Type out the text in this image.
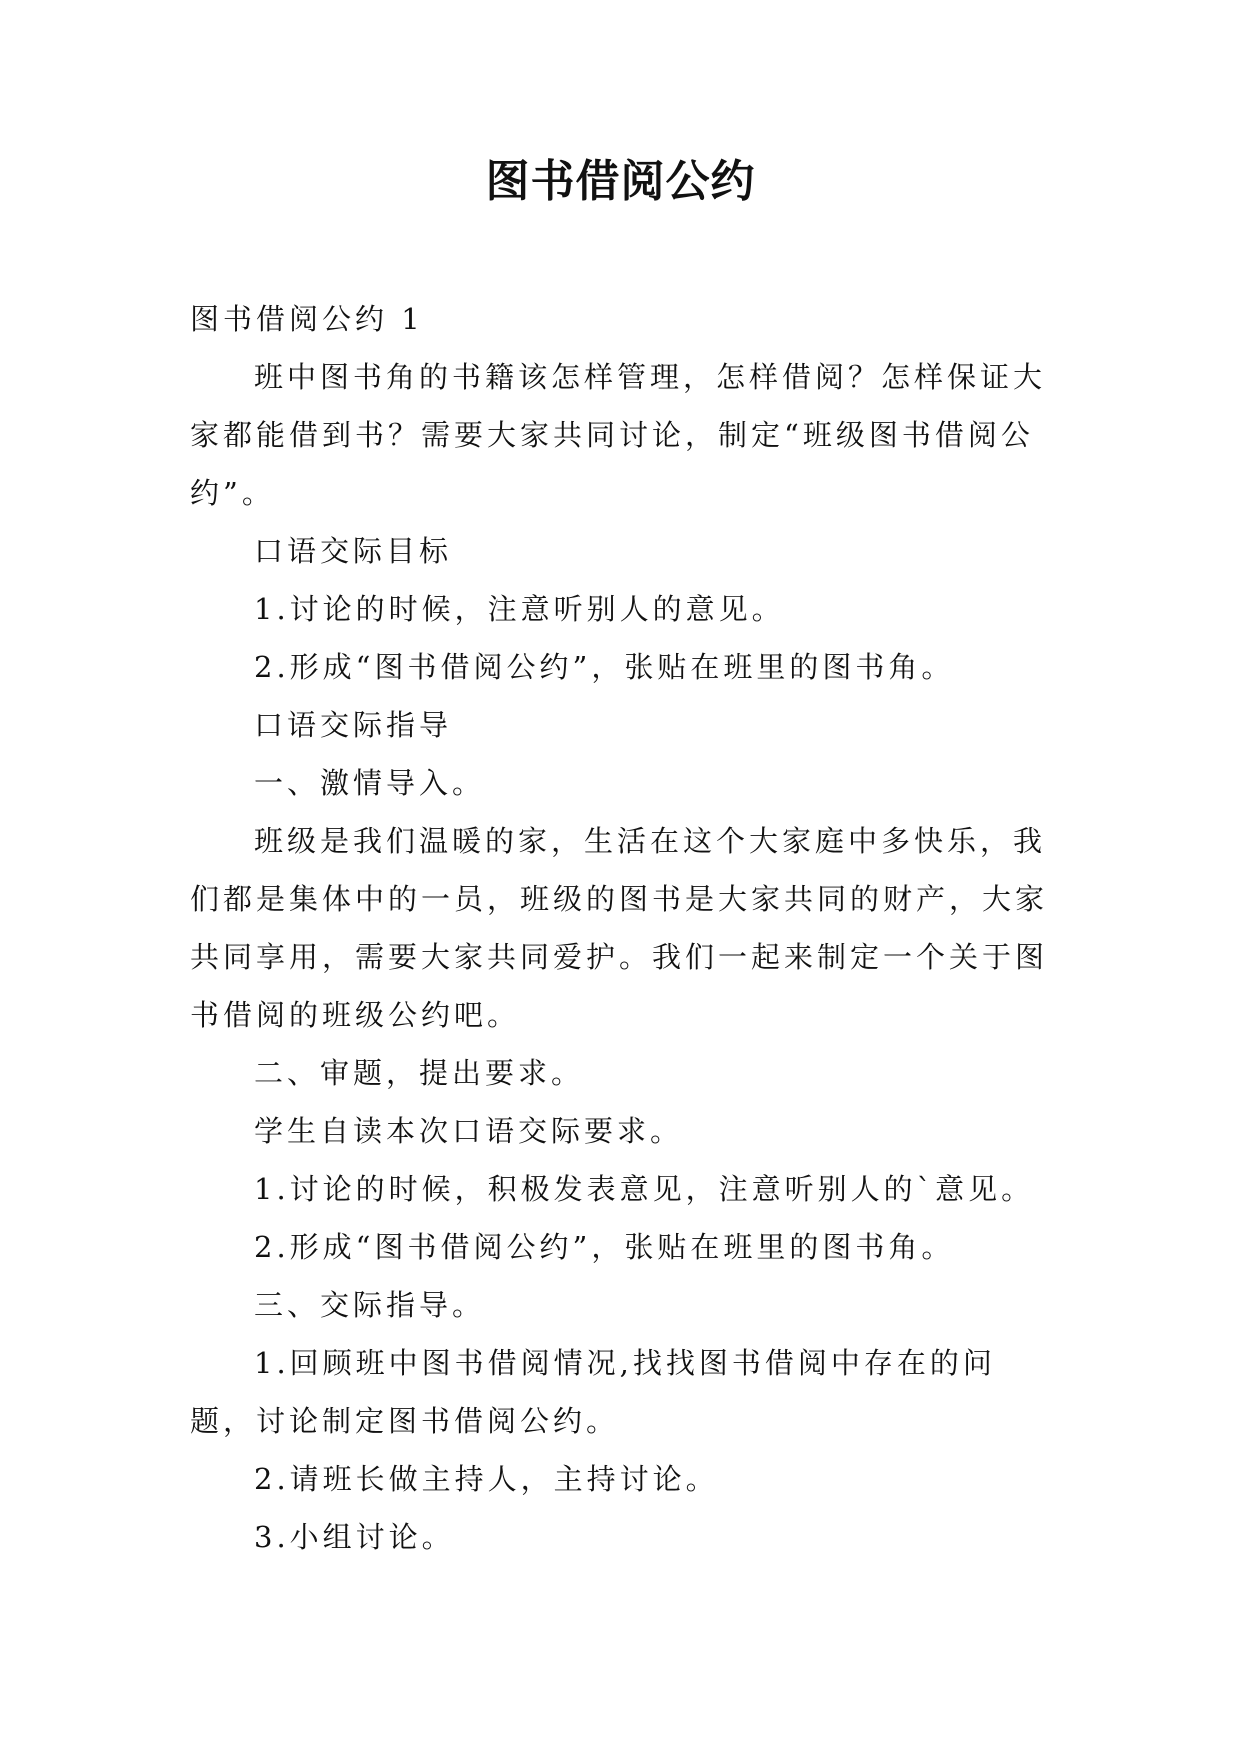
图书借阅公约

图书借阅公约 1

班中图书角的书籍该怎样管理，怎样借阅？怎样保证大家都能借到书？需要大家共同讨论，制定“班级图书借阅公约”。

口语交际目标

1.讨论的时候，注意听别人的意见。

2.形成“图书借阅公约”，张贴在班里的图书角。

口语交际指导

一、激情导入。

班级是我们温暖的家，生活在这个大家庭中多快乐，我们都是集体中的一员，班级的图书是大家共同的财产，大家共同享用，需要大家共同爱护。我们一起来制定一个关于图书借阅的班级公约吧。

二、审题，提出要求。

学生自读本次口语交际要求。

1.讨论的时候，积极发表意见，注意听别人的`意见。

2.形成“图书借阅公约”，张贴在班里的图书角。

三、交际指导。

1.回顾班中图书借阅情况,找找图书借阅中存在的问题，讨论制定图书借阅公约。

2.请班长做主持人，主持讨论。

3.小组讨论。
